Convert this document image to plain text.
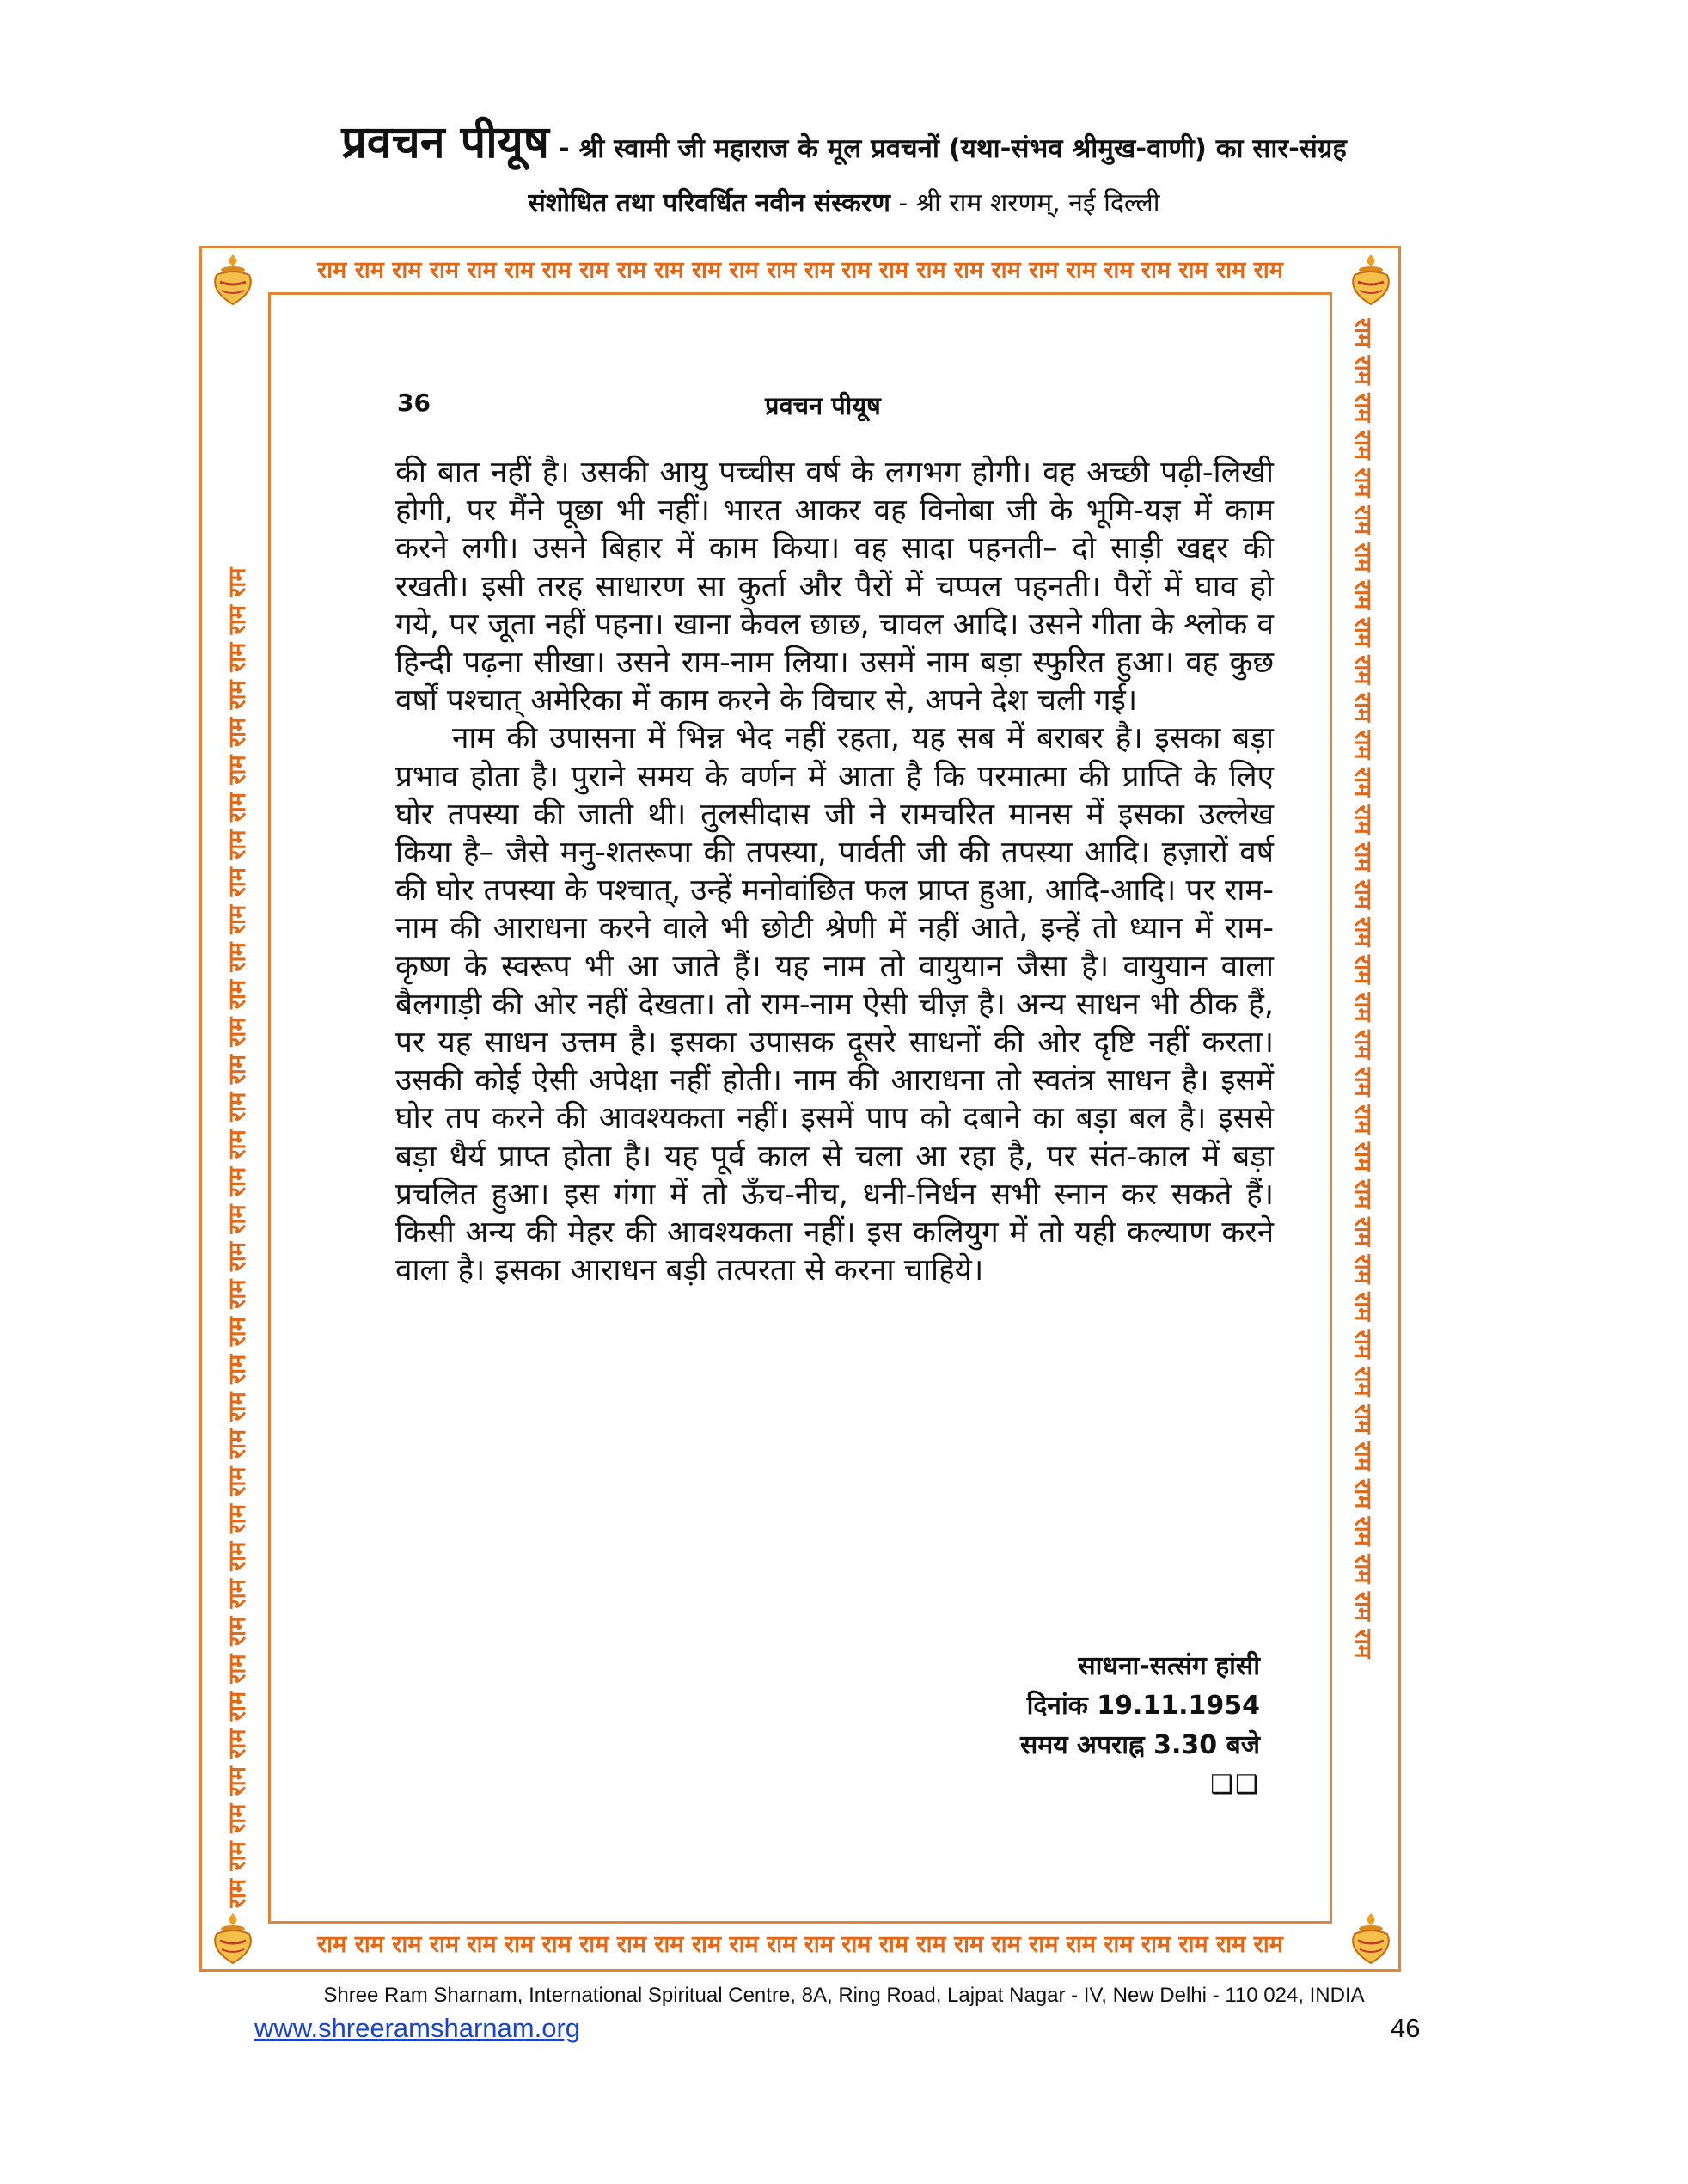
प्रवचन पीयूष - श्री स्वामी जी महाराज के मूल प्रवचनों (यथा-संभव श्रीमुख-वाणी) का सार-संग्रह
संशोधित तथा परिवर्धित नवीन संस्करण - श्री राम शरणम्, नई दिल्ली
राम राम राम राम राम राम राम राम राम राम राम राम राम राम राम राम राम राम राम राम राम राम राम राम राम राम
राम राम राम राम राम राम राम राम राम राम राम राम राम राम राम राम राम राम राम राम राम राम राम राम राम राम
राम राम राम राम राम राम राम राम राम राम राम राम राम राम राम राम राम राम राम राम राम राम राम राम राम राम राम राम राम राम राम राम राम राम राम राम	राम राम राम राम राम राम राम राम राम राम राम राम राम राम राम राम राम राम राम राम राम राम राम राम राम राम राम राम राम राम राम राम राम राम राम राम
36	प्रवचन पीयूष

की बात नहीं है। उसकी आयु पच्चीस वर्ष के लगभग होगी। वह अच्छी पढ़ी-लिखी होगी, पर मैंने पूछा भी नहीं। भारत आकर वह विनोबा जी के भूमि-यज्ञ में काम करने लगी। उसने बिहार में काम किया। वह सादा पहनती– दो साड़ी खद्दर की रखती। इसी तरह साधारण सा कुर्ता और पैरों में चप्पल पहनती। पैरों में घाव हो गये, पर जूता नहीं पहना। खाना केवल छाछ, चावल आदि। उसने गीता के श्लोक व हिन्दी पढ़ना सीखा। उसने राम-नाम लिया। उसमें नाम बड़ा स्फुरित हुआ। वह कुछ वर्षों पश्चात् अमेरिका में काम करने के विचार से, अपने देश चली गई।

नाम की उपासना में भिन्न भेद नहीं रहता, यह सब में बराबर है। इसका बड़ा प्रभाव होता है। पुराने समय के वर्णन में आता है कि परमात्मा की प्राप्ति के लिए घोर तपस्या की जाती थी। तुलसीदास जी ने रामचरित मानस में इसका उल्लेख किया है– जैसे मनु-शतरूपा की तपस्या, पार्वती जी की तपस्या आदि। हज़ारों वर्ष की घोर तपस्या के पश्चात्, उन्हें मनोवांछित फल प्राप्त हुआ, आदि-आदि। पर राम-नाम की आराधना करने वाले भी छोटी श्रेणी में नहीं आते, इन्हें तो ध्यान में राम-कृष्ण के स्वरूप भी आ जाते हैं। यह नाम तो वायुयान जैसा है। वायुयान वाला बैलगाड़ी की ओर नहीं देखता। तो राम-नाम ऐसी चीज़ है। अन्य साधन भी ठीक हैं, पर यह साधन उत्तम है। इसका उपासक दूसरे साधनों की ओर दृष्टि नहीं करता। उसकी कोई ऐसी अपेक्षा नहीं होती। नाम की आराधना तो स्वतंत्र साधन है। इसमें घोर तप करने की आवश्यकता नहीं। इसमें पाप को दबाने का बड़ा बल है। इससे बड़ा धैर्य प्राप्त होता है। यह पूर्व काल से चला आ रहा है, पर संत-काल में बड़ा प्रचलित हुआ। इस गंगा में तो ऊँच-नीच, धनी-निर्धन सभी स्नान कर सकते हैं। किसी अन्य की मेहर की आवश्यकता नहीं। इस कलियुग में तो यही कल्याण करने वाला है। इसका आराधन बड़ी तत्परता से करना चाहिये।

साधना-सत्संग हांसी
दिनांक 19.11.1954
समय अपराह्न 3.30 बजे
❑❑
Shree Ram Sharnam, International Spiritual Centre, 8A, Ring Road, Lajpat Nagar - IV, New Delhi - 110 024, INDIA
www.shreeramsharnam.org	46
